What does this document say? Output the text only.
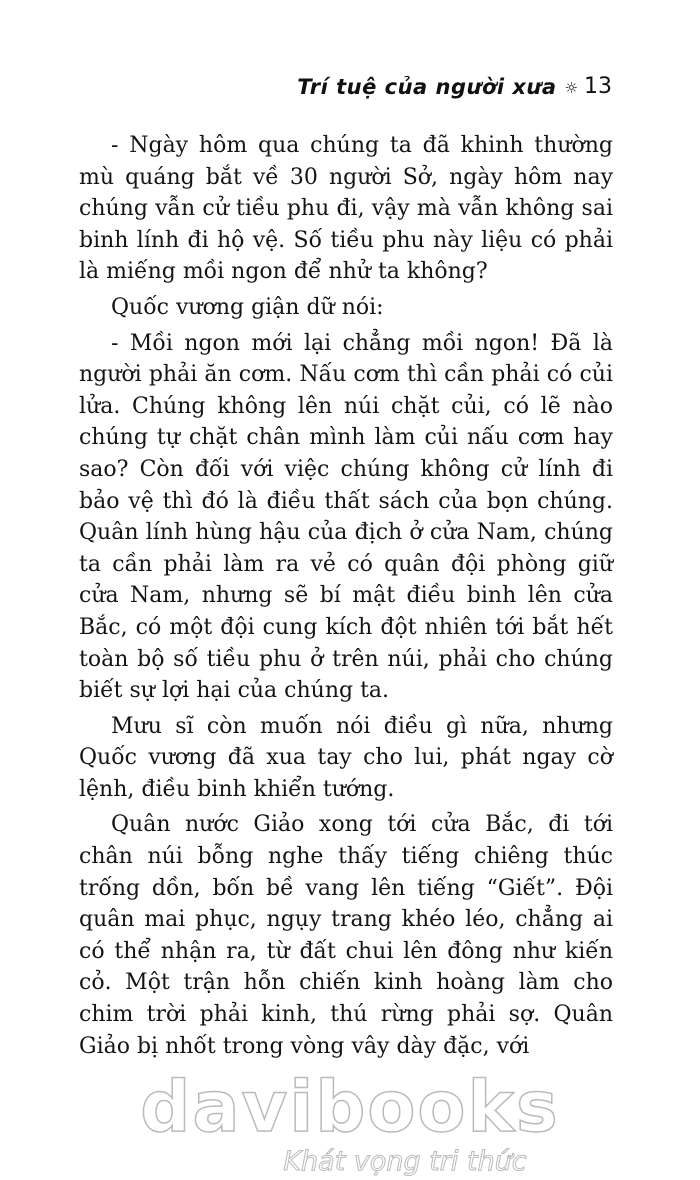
Trí tuệ của người xưa ☼ 13

- Ngày hôm qua chúng ta đã khinh thường mù quáng bắt về 30 người Sở, ngày hôm nay chúng vẫn cử tiều phu đi, vậy mà vẫn không sai binh lính đi hộ vệ. Số tiều phu này liệu có phải là miếng mồi ngon để nhử ta không?

Quốc vương giận dữ nói:

- Mồi ngon mới lại chẳng mồi ngon! Đã là người phải ăn cơm. Nấu cơm thì cần phải có củi lửa. Chúng không lên núi chặt củi, có lẽ nào chúng tự chặt chân mình làm củi nấu cơm hay sao? Còn đối với việc chúng không cử lính đi bảo vệ thì đó là điều thất sách của bọn chúng. Quân lính hùng hậu của địch ở cửa Nam, chúng ta cần phải làm ra vẻ có quân đội phòng giữ cửa Nam, nhưng sẽ bí mật điều binh lên cửa Bắc, có một đội cung kích đột nhiên tới bắt hết toàn bộ số tiều phu ở trên núi, phải cho chúng biết sự lợi hại của chúng ta.

Mưu sĩ còn muốn nói điều gì nữa, nhưng Quốc vương đã xua tay cho lui, phát ngay cờ lệnh, điều binh khiển tướng.

Quân nước Giảo xong tới cửa Bắc, đi tới chân núi bỗng nghe thấy tiếng chiêng thúc trống dồn, bốn bề vang lên tiếng “Giết”. Đội quân mai phục, ngụy trang khéo léo, chẳng ai có thể nhận ra, từ đất chui lên đông như kiến cỏ. Một trận hỗn chiến kinh hoàng làm cho chim trời phải kinh, thú rừng phải sợ. Quân Giảo bị nhốt trong vòng vây dày đặc, với

davibooks
Khát vọng tri thức
